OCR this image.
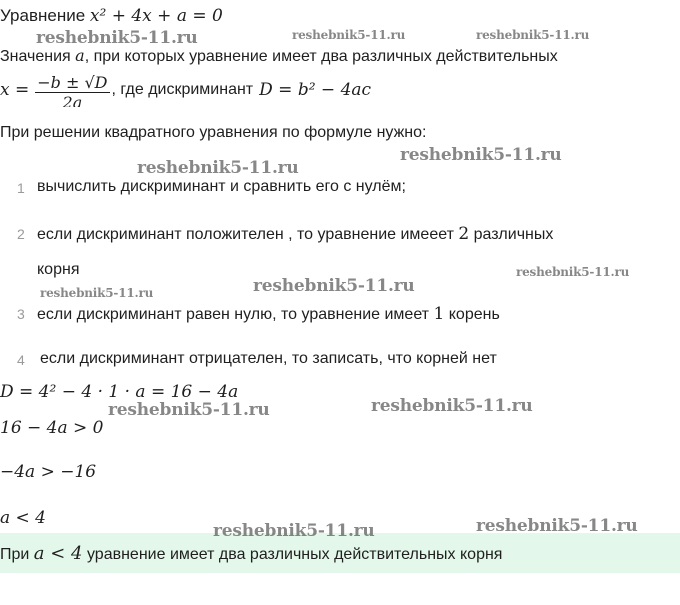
Уравнение x² + 4x + a = 0
Значения a, при которых уравнение имеет два различных действительных
$x = \frac{-b \pm √D}{2a}$ , где дискриминант D = b² − 4ac
При решении квадратного уравнения по формуле нужно:
1 вычислить дискриминант и сравнить его с нулём;
2 если дискриминант положителен , то уравнение имеeет 2 различных
корня
3 если дискриминант равен нулю, то уравнение имеет 1 корень
4 если дискриминант отрицателен, то записать, что корней нет
D = 4² − 4 · 1 · a = 16 − 4a
16 − 4a > 0
−4a > −16
a < 4
При a < 4 уравнение имеет два различных действительных корня
reshebnik5-11.ru	reshebnik5-11.ru	reshebnik5-11.ru
reshebnik5-11.ru
reshebnik5-11.ru
reshebnik5-11.ru
reshebnik5-11.ru	reshebnik5-11.ru
reshebnik5-11.ru	reshebnik5-11.ru
reshebnik5-11.ru	reshebnik5-11.ru
